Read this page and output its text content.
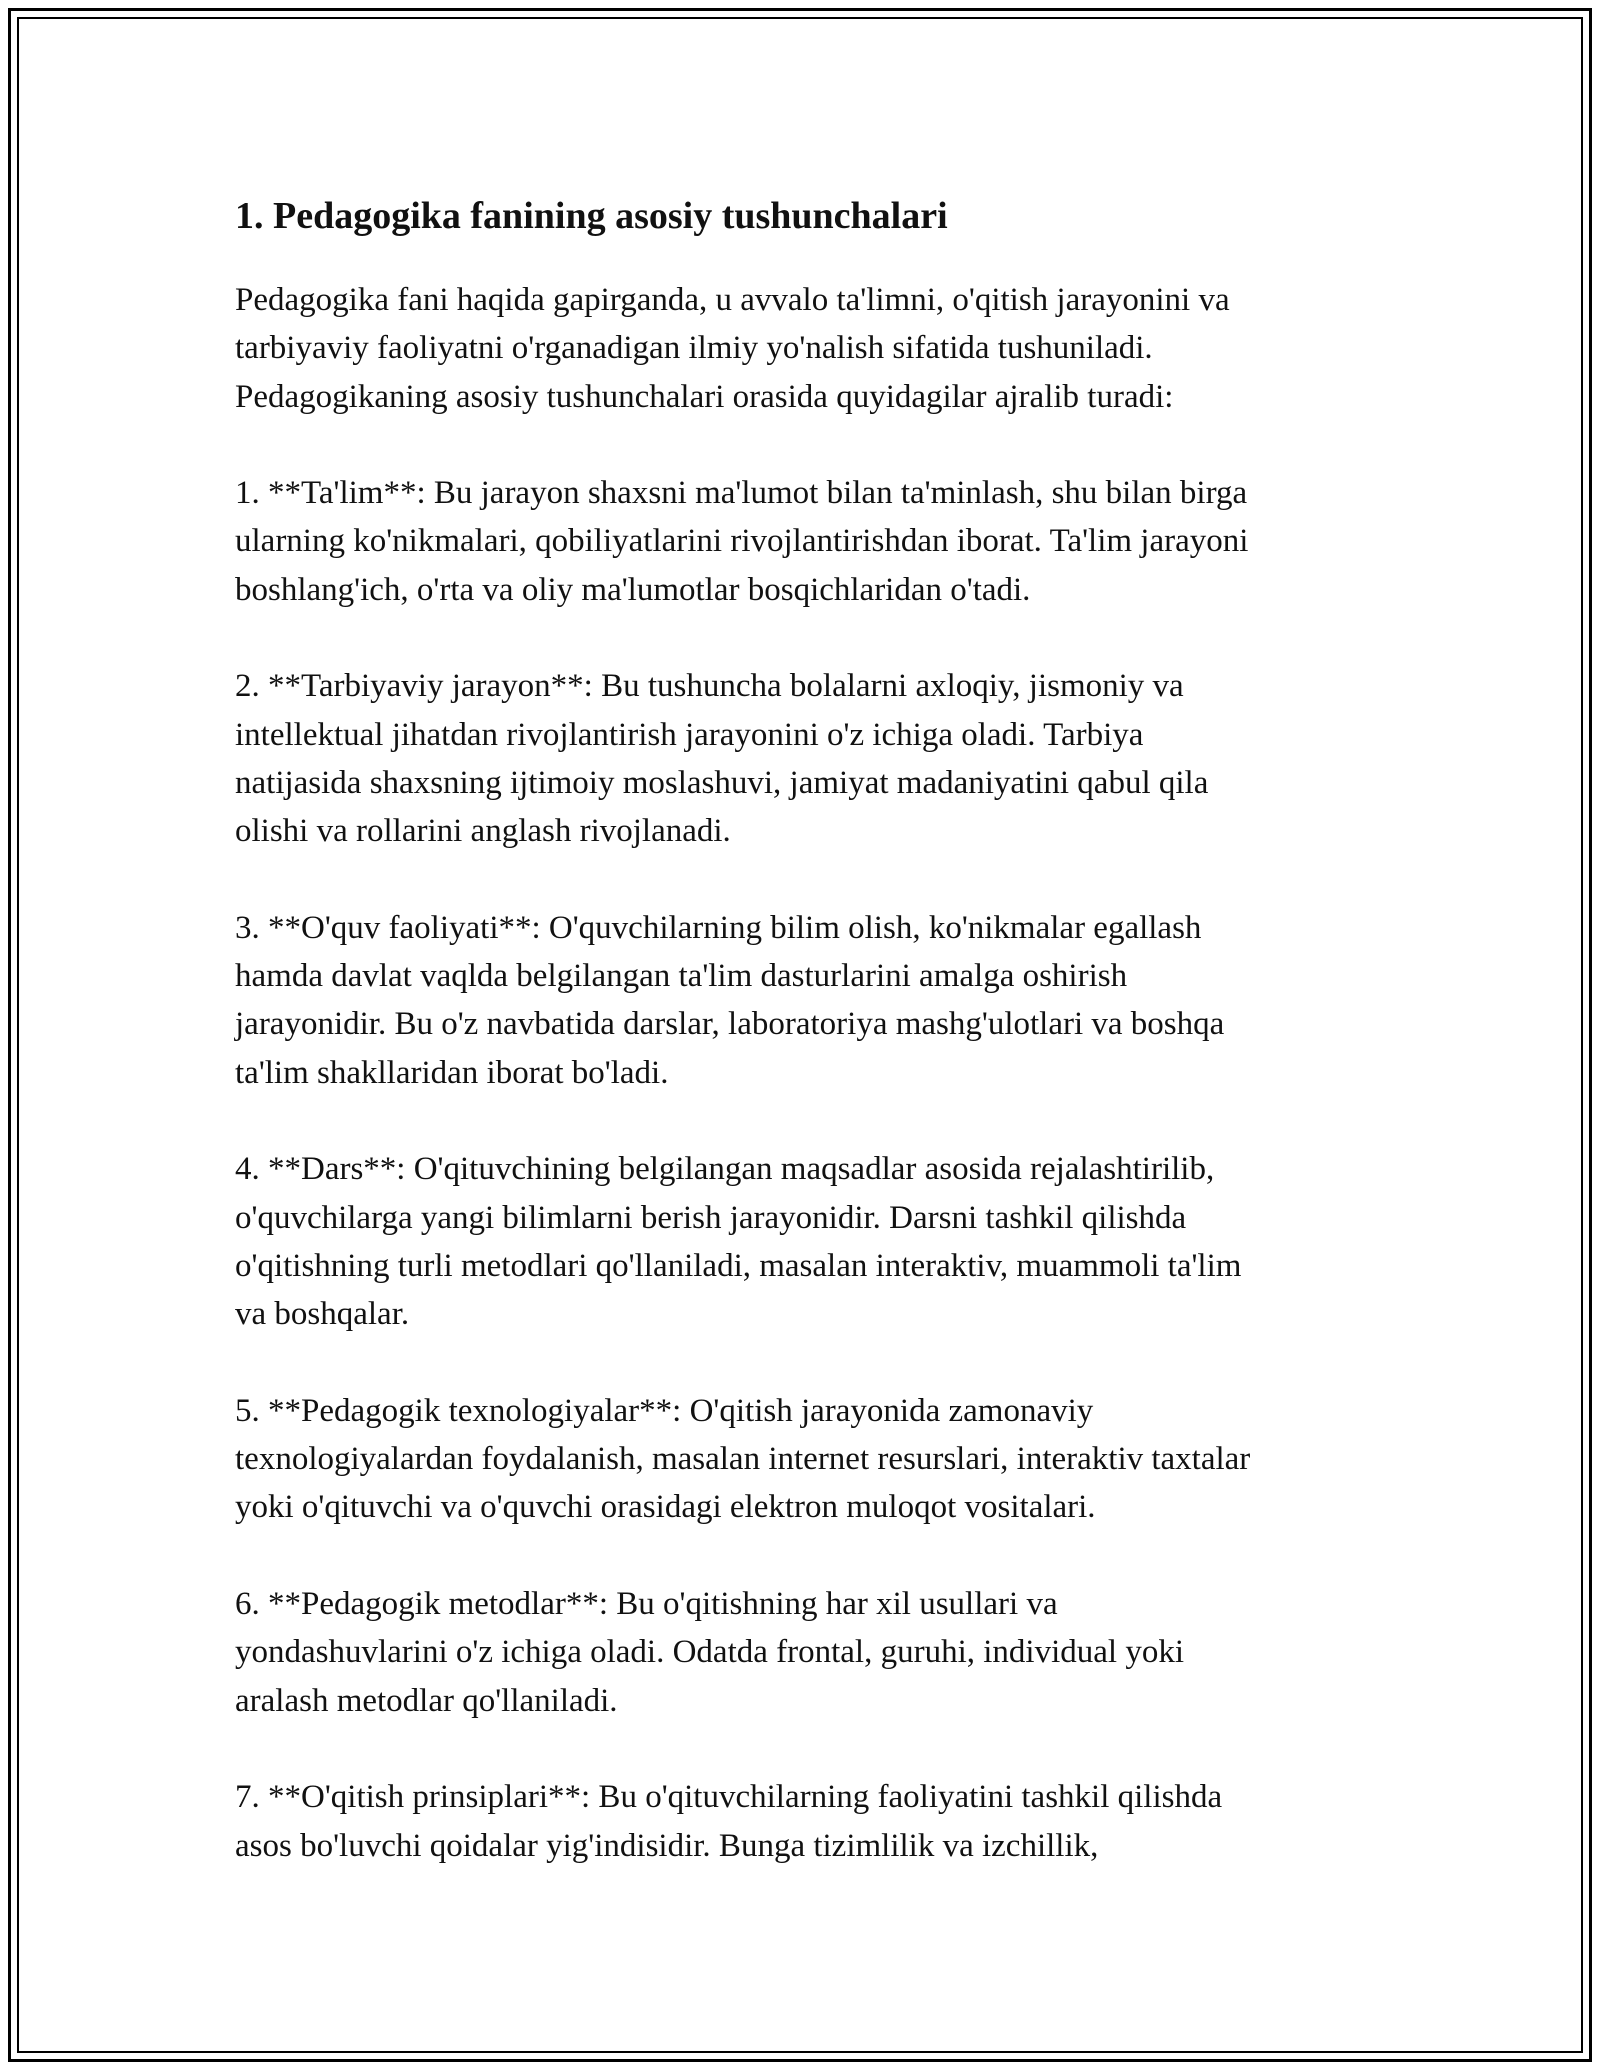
1. Pedagogika fanining asosiy tushunchalari

Pedagogika fani haqida gapirganda, u avvalo ta'limni, o'qitish jarayonini va
tarbiyaviy faoliyatni o'rganadigan ilmiy yo'nalish sifatida tushuniladi.
Pedagogikaning asosiy tushunchalari orasida quyidagilar ajralib turadi:

1. **Ta'lim**: Bu jarayon shaxsni ma'lumot bilan ta'minlash, shu bilan birga
ularning ko'nikmalari, qobiliyatlarini rivojlantirishdan iborat. Ta'lim jarayoni
boshlang'ich, o'rta va oliy ma'lumotlar bosqichlaridan o'tadi.

2. **Tarbiyaviy jarayon**: Bu tushuncha bolalarni axloqiy, jismoniy va
intellektual jihatdan rivojlantirish jarayonini o'z ichiga oladi. Tarbiya
natijasida shaxsning ijtimoiy moslashuvi, jamiyat madaniyatini qabul qila
olishi va rollarini anglash rivojlanadi.

3. **O'quv faoliyati**: O'quvchilarning bilim olish, ko'nikmalar egallash
hamda davlat vaqlda belgilangan ta'lim dasturlarini amalga oshirish
jarayonidir. Bu o'z navbatida darslar, laboratoriya mashg'ulotlari va boshqa
ta'lim shakllaridan iborat bo'ladi.

4. **Dars**: O'qituvchining belgilangan maqsadlar asosida rejalashtirilib,
o'quvchilarga yangi bilimlarni berish jarayonidir. Darsni tashkil qilishda
o'qitishning turli metodlari qo'llaniladi, masalan interaktiv, muammoli ta'lim
va boshqalar.

5. **Pedagogik texnologiyalar**: O'qitish jarayonida zamonaviy
texnologiyalardan foydalanish, masalan internet resurslari, interaktiv taxtalar
yoki o'qituvchi va o'quvchi orasidagi elektron muloqot vositalari.

6. **Pedagogik metodlar**: Bu o'qitishning har xil usullari va
yondashuvlarini o'z ichiga oladi. Odatda frontal, guruhi, individual yoki
aralash metodlar qo'llaniladi.

7. **O'qitish prinsiplari**: Bu o'qituvchilarning faoliyatini tashkil qilishda
asos bo'luvchi qoidalar yig'indisidir. Bunga tizimlilik va izchillik,
